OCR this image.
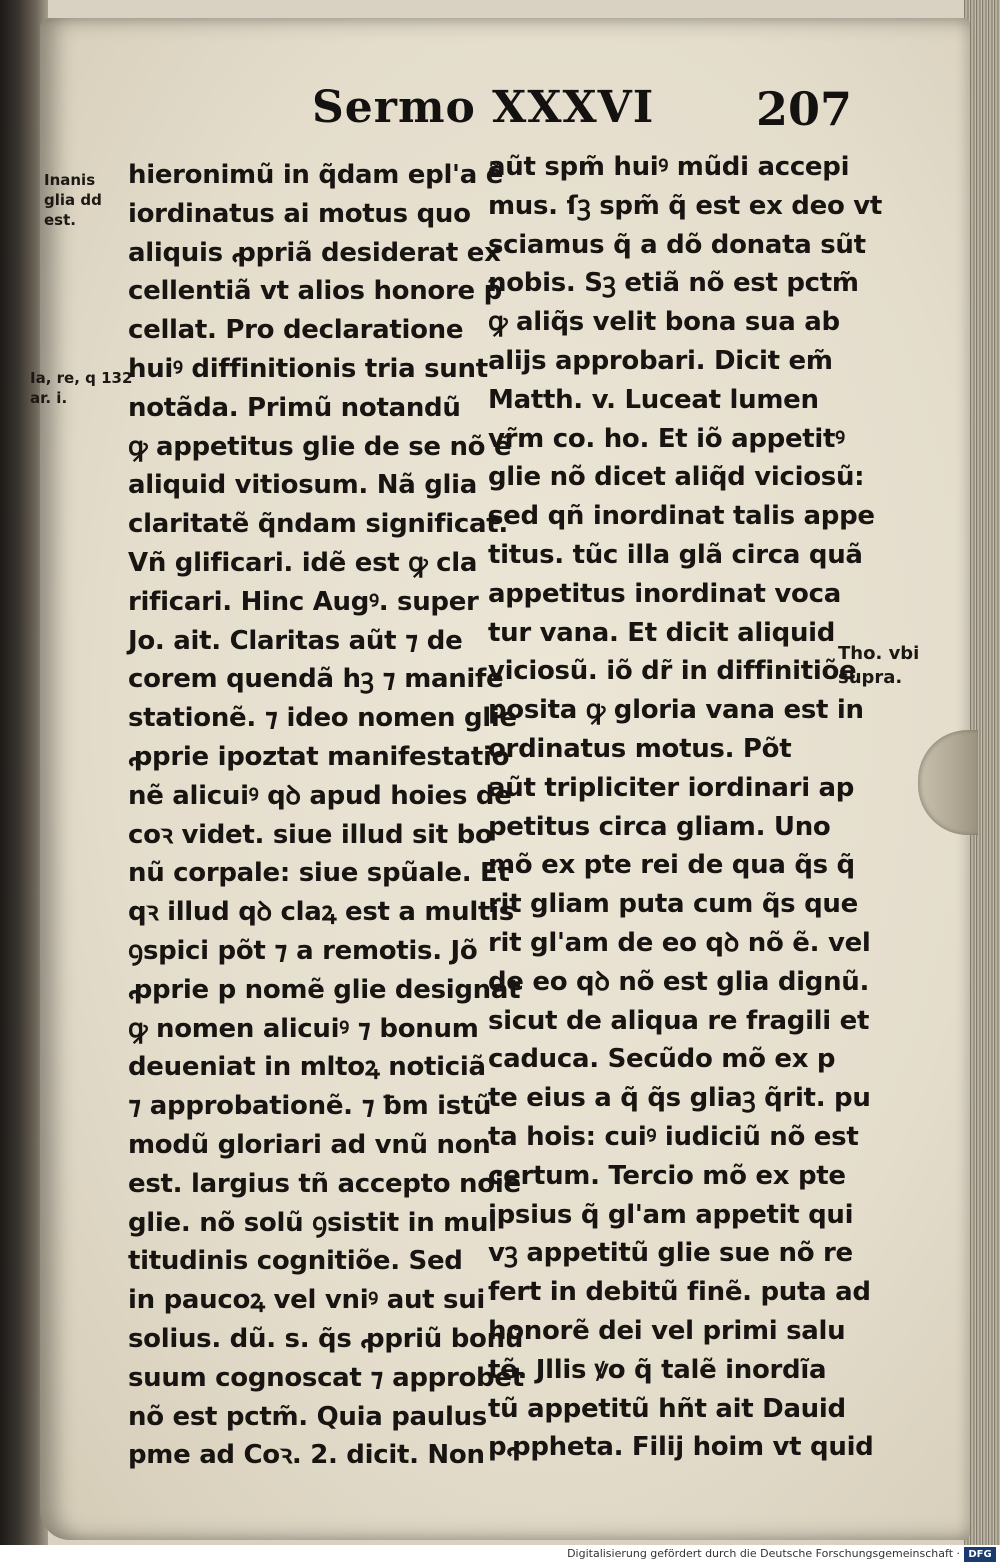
Sermo XXXVI 207
Inanis
glia dd
est.
Ia, re, q 132
ar. i.
Tho. vbi
supra.
hieronimũ in q̃dam epl'a ẽ
iordinatus ai motus quo
aliquis ꝓpriã desiderat ex
cellentiã vt alios honore p̃
cellat. Pro declaratione
huiꝰ diffinitionis tria sunt
notãda. Primũ notandũ
ꝙ appetitus glie de se nõ ẽ
aliquid vitiosum. Nã glia
claritatẽ q̃ndam significat.
Vñ glificari. idẽ est ꝙ cla
rificari. Hinc Augꝰ. super
Jo. ait. Claritas aũt ⁊ de
corem quendã hꝫ ⁊ manife
stationẽ. ⁊ ideo nomen glie
ꝓprie ipoztat manifestatio
nẽ alicuiꝰ qꝺ apud hoies de
coꝛ videt. siue illud sit bo
nũ corpale: siue spũale. Et
qꝛ illud qꝺ claꝝ est a multis
ꝯspici põt ⁊ a remotis. Jõ
ꝓprie p nomẽ glie designat
ꝙ nomen alicuiꝰ ⁊ bonum
deueniat in mltoꝝ noticiã
⁊ approbationẽ. ⁊ ƀm istũ
modũ gloriari ad vnũ non
est. largius tñ accepto noie
glie. nõ solũ ꝯsistit in mul
titudinis cognitiõe. Sed
in paucoꝝ vel vniꝰ aut sui
solius. dũ. s. q̃s ꝓpriũ bonũ
suum cognoscat ⁊ approbet
nõ est pctm̃. Quia paulus
pme ad Coꝛ. 2. dicit. Non
aũt spm̃ huiꝰ mũdi accepi
mus. ſꝫ spm̃ q̃ est ex deo vt
sciamus q̃ a dõ donata sũt
nobis. Sꝫ etiã nõ est pctm̃
ꝙ aliq̃s velit bona sua ab
alijs approbari. Dicit em̃
Matth. v. Luceat lumen
vr̃m co. ho. Et iõ appetitꝰ
glie nõ dicet aliq̃d viciosũ:
sed qñ inordinat talis appe
titus. tũc illa glã circa quã
appetitus inordinat voca
tur vana. Et dicit aliquid
viciosũ. iõ dr̃ in diffinitiõe
posita ꝙ gloria vana est in
ordinatus motus. Põt
aũt tripliciter iordinari ap
petitus circa gliam. Uno
mõ ex pte rei de qua q̃s q̃
rit gliam puta cum q̃s que
rit gl'am de eo qꝺ nõ ẽ. vel
de eo qꝺ nõ est glia dignũ.
sicut de aliqua re fragili et
caduca. Secũdo mõ ex p
te eius a q̃ q̃s gliaꝫ q̃rit. pu
ta hois: cuiꝰ iudiciũ nõ est
certum. Tercio mõ ex pte
ipsius q̃ gl'am appetit qui
vꝫ appetitũ glie sue nõ re
fert in debitũ finẽ. puta ad
honorẽ dei vel primi salu
tẽ. Jllis ꝟo q̃ talẽ inordĩa
tũ appetitũ hñt ait Dauid
pꝓpheta. Filij hoim vt quid
Digitalisierung gefördert durch die Deutsche Forschungsgemeinschaft · DFG
